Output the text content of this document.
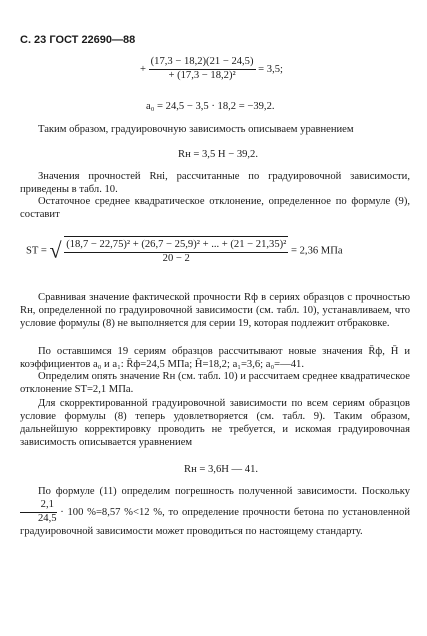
С. 23 ГОСТ 22690—88
+ $\frac{(17,3 - 18,2)(21 - 24,5)}{\text{+ (17,3 − 18,2)²}} = 3,5$;
a₀ = 24,5 − 3,5 · 18,2 = −39,2.

Таким образом, градуировочную зависимость описываем уравнением

Rн = 3,5 H − 39,2.

Значения прочностей Rнi, рассчитанные по градуировочной зависимости, приведены в табл. 10.

Остаточное среднее квадратическое отклонение, определенное по формуле (9), составит

ST = √ $\frac{\text{(18,7 − 22,75)² + (26,7 − 25,9)² + ... + (21 − 21,35)²}}{20 - 2} = 2,36$ МПа

Сравнивая значение фактической прочности Rф в сериях образцов с прочностью Rн, определенной по градуировочной зависимости (см. табл. 10), устанавливаем, что условие формулы (8) не выполняется для серии 19, которая подлежит отбраковке.

По оставшимся 19 сериям образцов рассчитывают новые значения R̄ф, H̄ и коэффициентов a₀ и a₁: R̄ф=24,5 МПа; H̄=18,2; a₁=3,6; a₀=—41.

Определим опять значение Rн (см. табл. 10) и рассчитаем среднее квадратическое отклонение ST=2,1 МПа.

Для скорректированной градуировочной зависимости по всем сериям образцов условие формулы (8) теперь удовлетворяется (см. табл. 9). Таким образом, дальнейшую корректировку проводить не требуется, и искомая градуировочная зависимость описывается уравнением

Rн = 3,6H — 41.

По формуле (11) определим погрешность полученной зависимости. Поскольку
$\frac{2,1}{24,5} \cdot 100$ %=8,57 %<12 %, то определение прочности бетона по установленной градуировочной зависимости может проводиться по настоящему стандарту.
